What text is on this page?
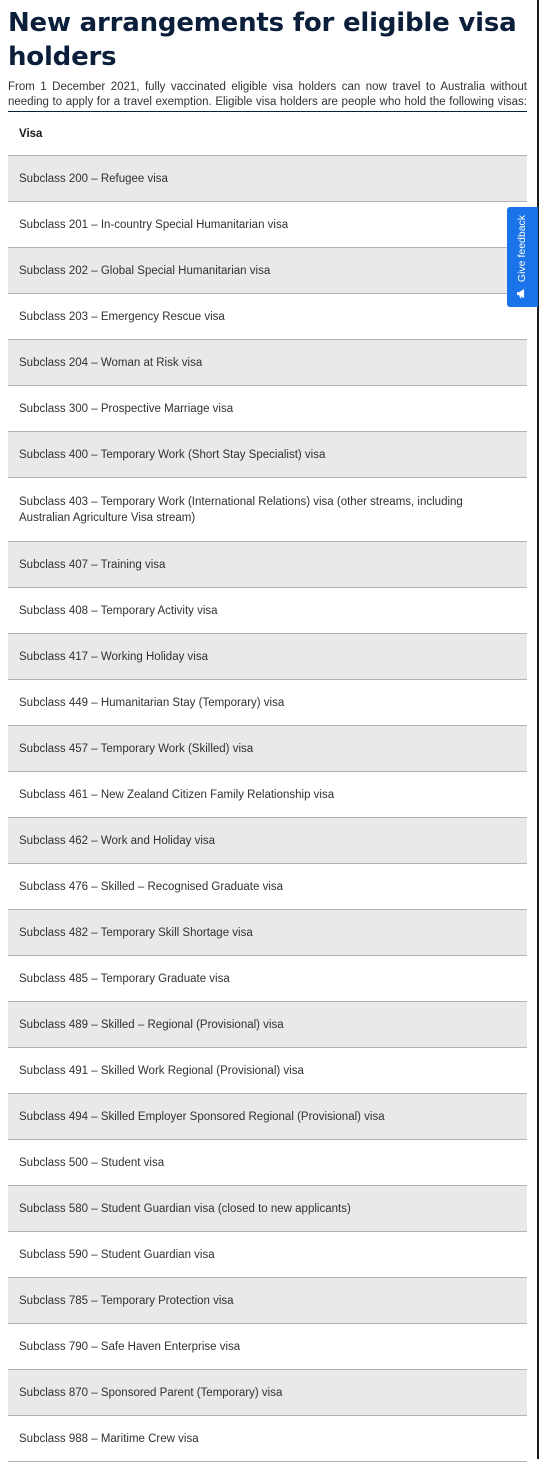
New arrangements for eligible visa holders

From 1 December 2021, fully vaccinated eligible visa holders can now travel to Australia without needing to apply for a travel exemption. Eligible visa holders are people who hold the following visas:

Visa
Subclass 200 – Refugee visa
Subclass 201 – In-country Special Humanitarian visa
Subclass 202 – Global Special Humanitarian visa
Subclass 203 – Emergency Rescue visa
Subclass 204 – Woman at Risk visa
Subclass 300 – Prospective Marriage visa
Subclass 400 – Temporary Work (Short Stay Specialist) visa
Subclass 403 – Temporary Work (International Relations) visa (other streams, including Australian Agriculture Visa stream)
Subclass 407 – Training visa
Subclass 408 – Temporary Activity visa
Subclass 417 – Working Holiday visa
Subclass 449 – Humanitarian Stay (Temporary) visa
Subclass 457 – Temporary Work (Skilled) visa
Subclass 461 – New Zealand Citizen Family Relationship visa
Subclass 462 – Work and Holiday visa
Subclass 476 – Skilled – Recognised Graduate visa
Subclass 482 – Temporary Skill Shortage visa
Subclass 485 – Temporary Graduate visa
Subclass 489 – Skilled – Regional (Provisional) visa
Subclass 491 – Skilled Work Regional (Provisional) visa
Subclass 494 – Skilled Employer Sponsored Regional (Provisional) visa
Subclass 500 – Student visa
Subclass 580 – Student Guardian visa (closed to new applicants)
Subclass 590 – Student Guardian visa
Subclass 785 – Temporary Protection visa
Subclass 790 – Safe Haven Enterprise visa
Subclass 870 – Sponsored Parent (Temporary) visa
Subclass 988 – Maritime Crew visa
Give feedback
